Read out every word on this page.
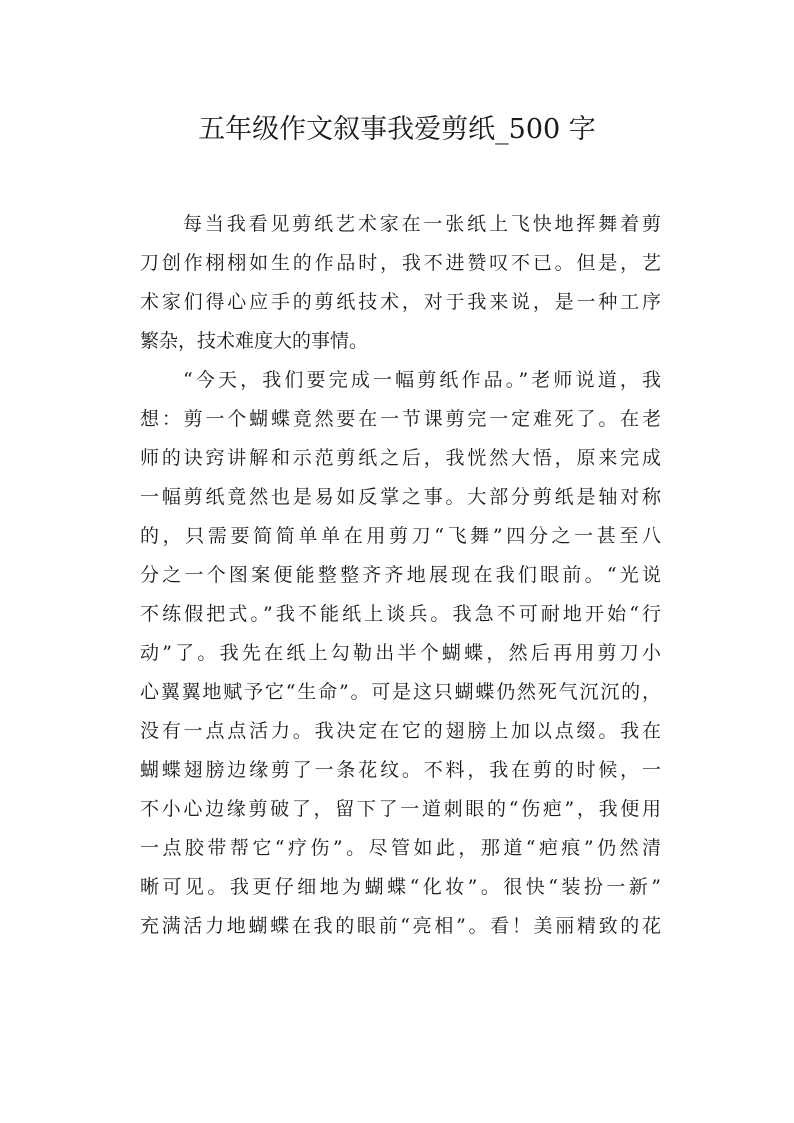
五年级作文叙事我爱剪纸_500 字
每当我看见剪纸艺术家在一张纸上飞快地挥舞着剪
刀创作栩栩如生的作品时，我不进赞叹不已。但是，艺
术家们得心应手的剪纸技术，对于我来说，是一种工序
繁杂，技术难度大的事情。
“今天，我们要完成一幅剪纸作品。”老师说道，我
想：剪一个蝴蝶竟然要在一节课剪完一定难死了。在老
师的诀窍讲解和示范剪纸之后，我恍然大悟，原来完成
一幅剪纸竟然也是易如反掌之事。大部分剪纸是轴对称
的，只需要简简单单在用剪刀“飞舞”四分之一甚至八
分之一个图案便能整整齐齐地展现在我们眼前。“光说
不练假把式。”我不能纸上谈兵。我急不可耐地开始“行
动”了。我先在纸上勾勒出半个蝴蝶，然后再用剪刀小
心翼翼地赋予它“生命”。可是这只蝴蝶仍然死气沉沉的，
没有一点点活力。我决定在它的翅膀上加以点缀。我在
蝴蝶翅膀边缘剪了一条花纹。不料，我在剪的时候，一
不小心边缘剪破了，留下了一道刺眼的“伤疤”，我便用
一点胶带帮它“疗伤”。尽管如此，那道“疤痕”仍然清
晰可见。我更仔细地为蝴蝶“化妆”。很快“装扮一新”
充满活力地蝴蝶在我的眼前“亮相”。看！美丽精致的花
